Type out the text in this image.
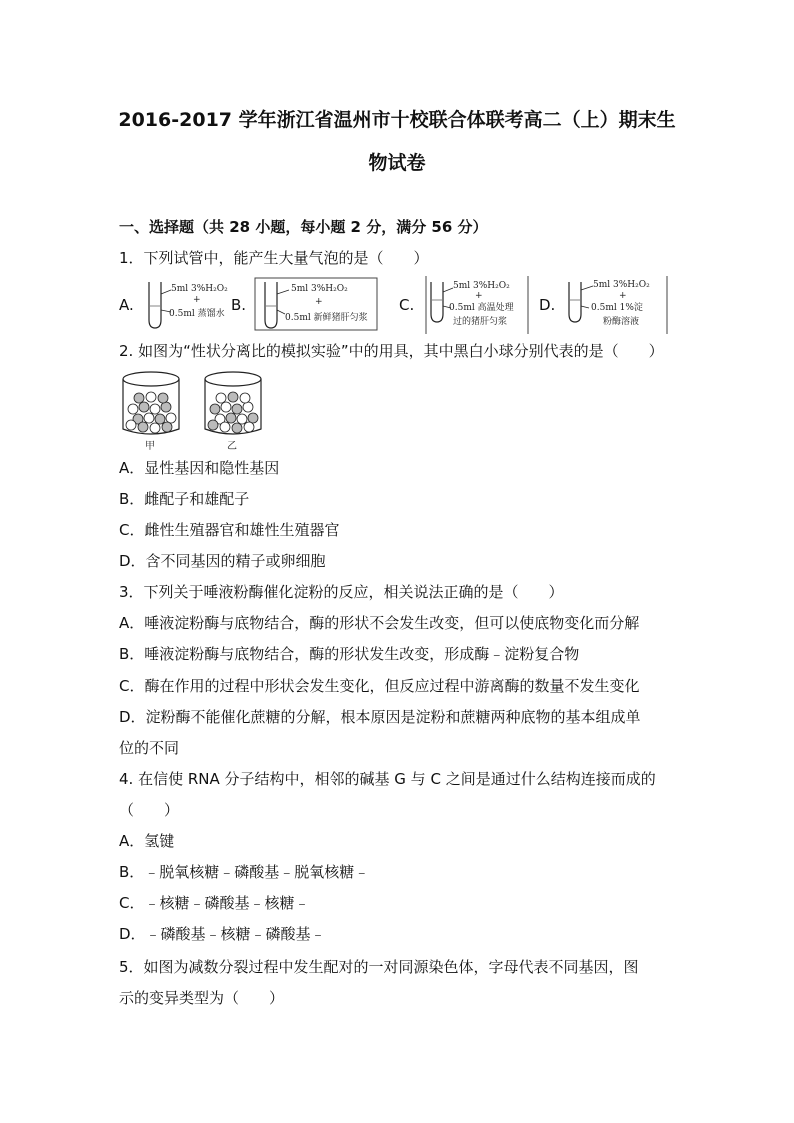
2016-2017 学年浙江省温州市十校联合体联考高二（上）期末生
物试卷
一、选择题（共 28 小题，每小题 2 分，满分 56 分）
1．下列试管中，能产生大量气泡的是（　　）
A.
5ml 3%H₂O₂
+
0.5ml 蒸馏水 B.
5ml 3%H₂O₂
+
0.5ml 新鲜猪肝匀浆
C.
5ml 3%H₂O₂
+
0.5ml 高温处理
过的猪肝匀浆
D.
5ml 3%H₂O₂
+
0.5ml 1%淀
粉酶溶液
2. 如图为“性状分离比的模拟实验”中的用具，其中黑白小球分别代表的是（　　）
甲	乙
A．显性基因和隐性基因
B．雌配子和雄配子
C．雌性生殖器官和雄性生殖器官
D．含不同基因的精子或卵细胞
3．下列关于唾液粉酶催化淀粉的反应，相关说法正确的是（　　）
A．唾液淀粉酶与底物结合，酶的形状不会发生改变，但可以使底物变化而分解
B．唾液淀粉酶与底物结合，酶的形状发生改变，形成酶﹣淀粉复合物
C．酶在作用的过程中形状会发生变化，但反应过程中游离酶的数量不发生变化
D．淀粉酶不能催化蔗糖的分解，根本原因是淀粉和蔗糖两种底物的基本组成单
位的不同
4. 在信使 RNA 分子结构中，相邻的碱基 G 与 C 之间是通过什么结构连接而成的
（　　）
A．氢键
B．﹣脱氧核糖﹣磷酸基﹣脱氧核糖﹣
C．﹣核糖﹣磷酸基﹣核糖﹣
D．﹣磷酸基﹣核糖﹣磷酸基﹣
5．如图为减数分裂过程中发生配对的一对同源染色体，字母代表不同基因，图
示的变异类型为（　　）
